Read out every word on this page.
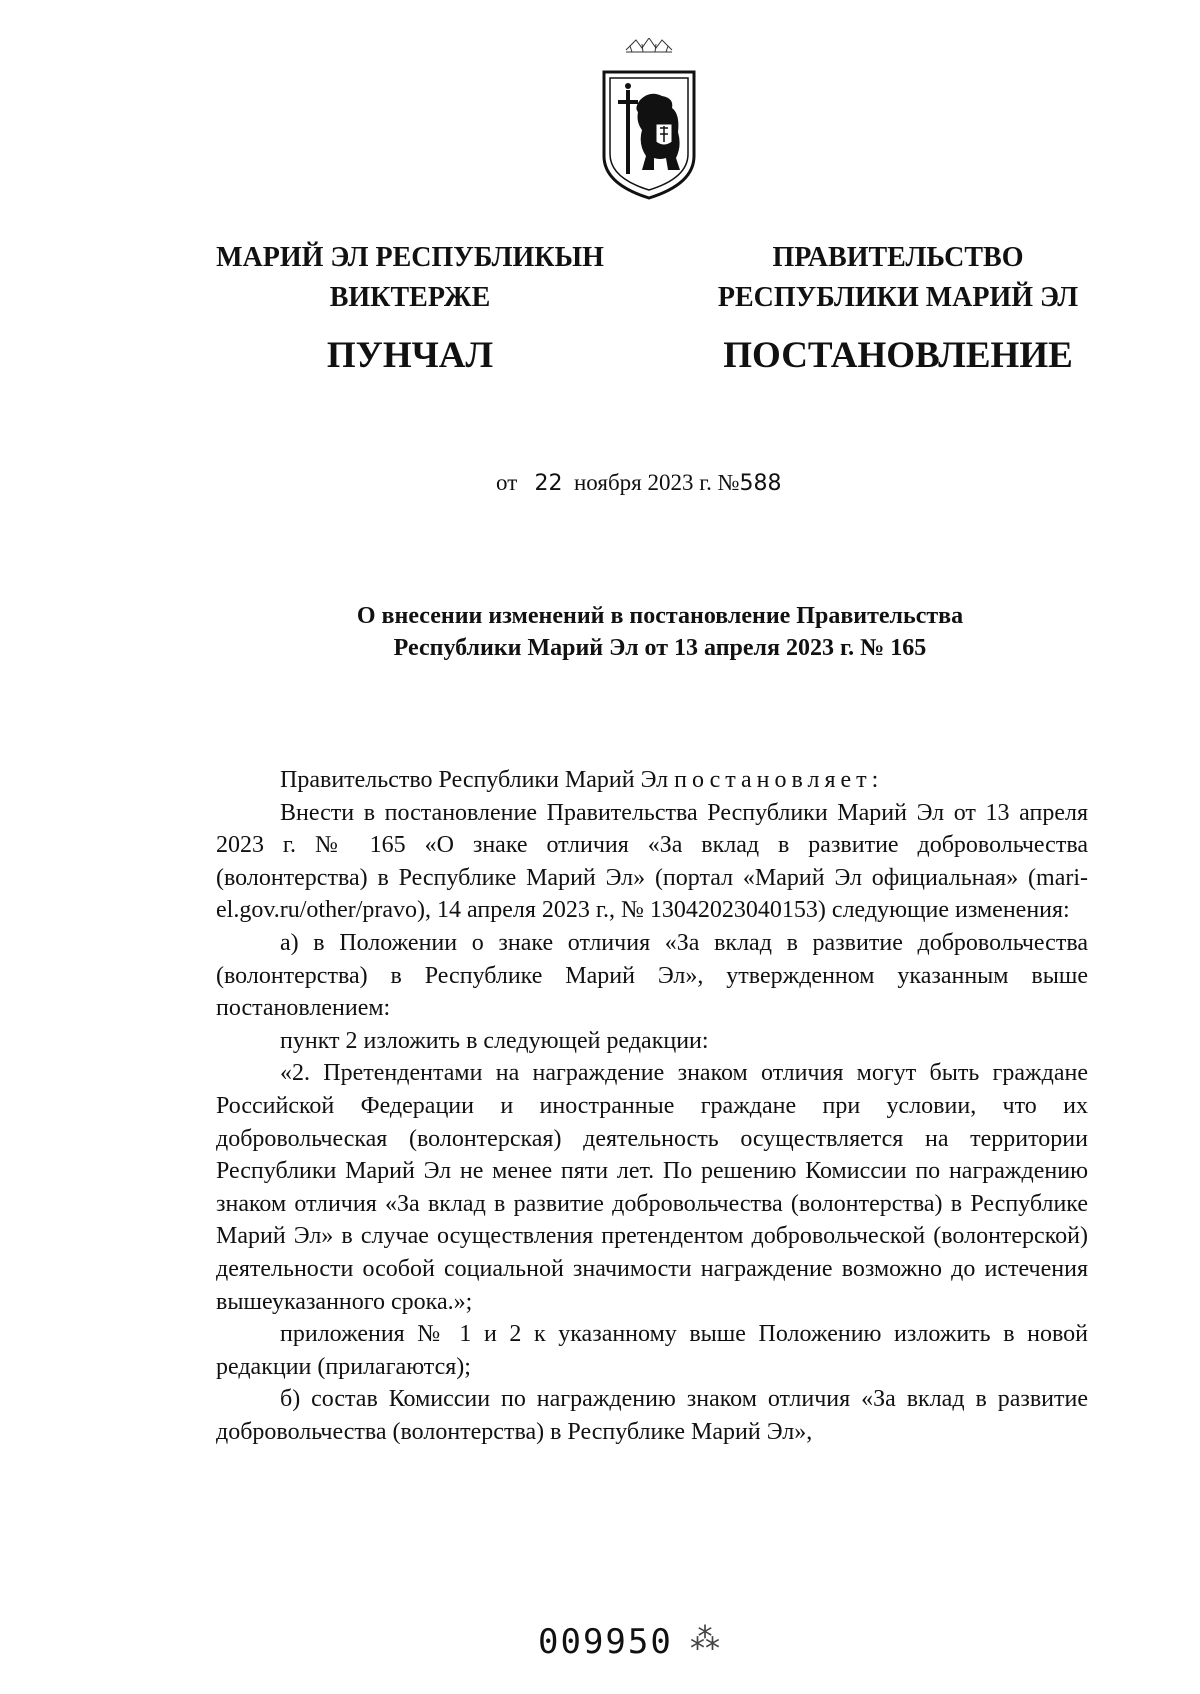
МАРИЙ ЭЛ РЕСПУБЛИКЫН
ВИКТЕРЖЕ
ПУНЧАЛ
ПРАВИТЕЛЬСТВО
РЕСПУБЛИКИ МАРИЙ ЭЛ
ПОСТАНОВЛЕНИЕ
от 22 ноября 2023 г. №588
О внесении изменений в постановление Правительства
Республики Марий Эл от 13 апреля 2023 г. № 165

Правительство Республики Марий Эл постановляет:

Внести в постановление Правительства Республики Марий Эл от 13 апреля 2023 г. № 165 «О знаке отличия «За вклад в развитие добровольчества (волонтерства) в Республике Марий Эл» (портал «Марий Эл официальная» (mari-el.gov.ru/other/pravo), 14 апреля 2023 г., № 13042023040153) следующие изменения:

а) в Положении о знаке отличия «За вклад в развитие добровольчества (волонтерства) в Республике Марий Эл», утвержденном указанным выше постановлением:

пункт 2 изложить в следующей редакции:

«2. Претендентами на награждение знаком отличия могут быть граждане Российской Федерации и иностранные граждане при условии, что их добровольческая (волонтерская) деятельность осуществляется на территории Республики Марий Эл не менее пяти лет. По решению Комиссии по награждению знаком отличия «За вклад в развитие добровольчества (волонтерства) в Республике Марий Эл» в случае осуществления претендентом добровольческой (волонтерской) деятельности особой социальной значимости награждение возможно до истечения вышеуказанного срока.»;

приложения № 1 и 2 к указанному выше Положению изложить в новой редакции (прилагаются);

б) состав Комиссии по награждению знаком отличия «За вклад в развитие добровольчества (волонтерства) в Республике Марий Эл»,

009950 ⁂
